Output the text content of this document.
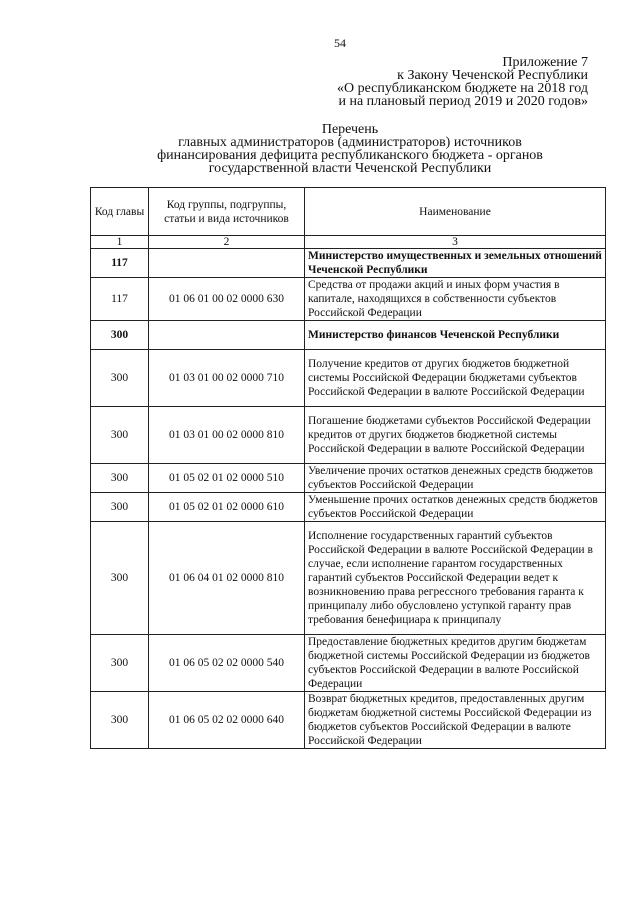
54
Приложение 7
к Закону Чеченской Республики
«О республиканском бюджете на 2018 год
и на плановый период 2019 и 2020 годов»
Перечень
главных администраторов (администраторов) источников
финансирования дефицита республиканского бюджета - органов
государственной власти Чеченской Республики
Код главы	Код группы, подгруппы, статьи и вида источников	Наименование
1	2	3
117		Министерство имущественных и земельных отношений Чеченской Республики
117	01 06 01 00 02 0000 630	Средства от продажи акций и иных форм участия в капитале, находящихся в собственности субъектов Российской Федерации
300		Министерство финансов Чеченской Республики
300	01 03 01 00 02 0000 710	Получение кредитов от других бюджетов бюджетной системы Российской Федерации бюджетами субъектов Российской Федерации в валюте Российской Федерации
300	01 03 01 00 02 0000 810	Погашение бюджетами субъектов Российской Федерации кредитов от других бюджетов бюджетной системы Российской Федерации в валюте Российской Федерации
300	01 05 02 01 02 0000 510	Увеличение прочих остатков денежных средств бюджетов субъектов Российской Федерации
300	01 05 02 01 02 0000 610	Уменьшение прочих остатков денежных средств бюджетов субъектов Российской Федерации
300	01 06 04 01 02 0000 810	Исполнение государственных гарантий субъектов Российской Федерации в валюте Российской Федерации в случае, если исполнение гарантом государственных гарантий субъектов Российской Федерации ведет к возникновению права регрессного требования гаранта к принципалу либо обусловлено уступкой гаранту прав требования бенефициара к принципалу
300	01 06 05 02 02 0000 540	Предоставление бюджетных кредитов другим бюджетам бюджетной системы Российской Федерации из бюджетов субъектов Российской Федерации в валюте Российской Федерации
300	01 06 05 02 02 0000 640	Возврат бюджетных кредитов, предоставленных другим бюджетам бюджетной системы Российской Федерации из бюджетов субъектов Российской Федерации в валюте Российской Федерации
